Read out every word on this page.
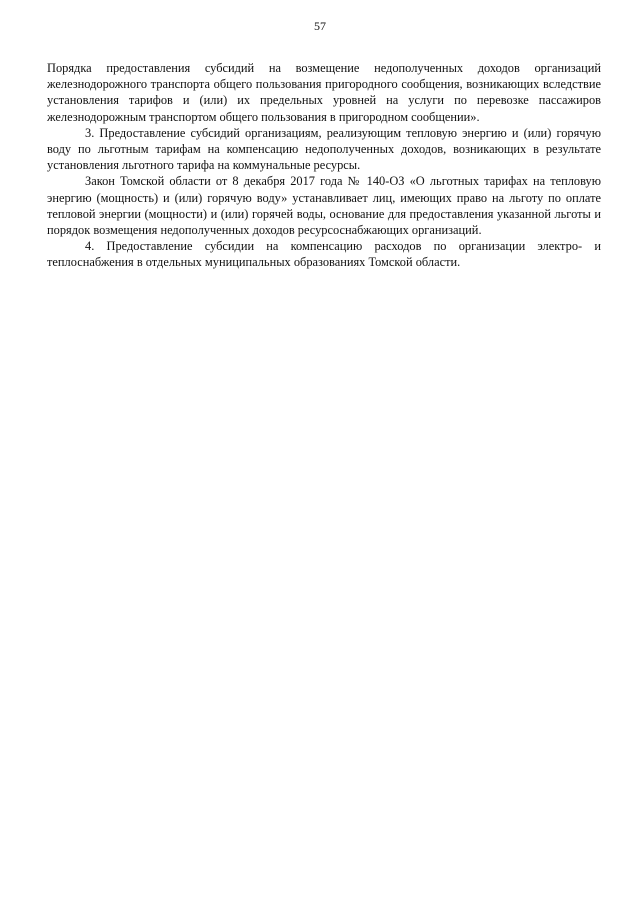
57

Порядка предоставления субсидий на возмещение недополученных доходов организаций железнодорожного транспорта общего пользования пригородного сообщения, возникающих вследствие установления тарифов и (или) их предельных уровней на услуги по перевозке пассажиров железнодорожным транспортом общего пользования в пригородном сообщении».

3. Предоставление субсидий организациям, реализующим тепловую энергию и (или) горячую воду по льготным тарифам на компенсацию недополученных доходов, возникающих в результате установления льготного тарифа на коммунальные ресурсы.

Закон Томской области от 8 декабря 2017 года № 140-ОЗ «О льготных тарифах на тепловую энергию (мощность) и (или) горячую воду» устанавливает лиц, имеющих право на льготу по оплате тепловой энергии (мощности) и (или) горячей воды, основание для предоставления указанной льготы и порядок возмещения недополученных доходов ресурсоснабжающих организаций.

4. Предоставление субсидии на компенсацию расходов по организации электро- и теплоснабжения в отдельных муниципальных образованиях Томской области.
